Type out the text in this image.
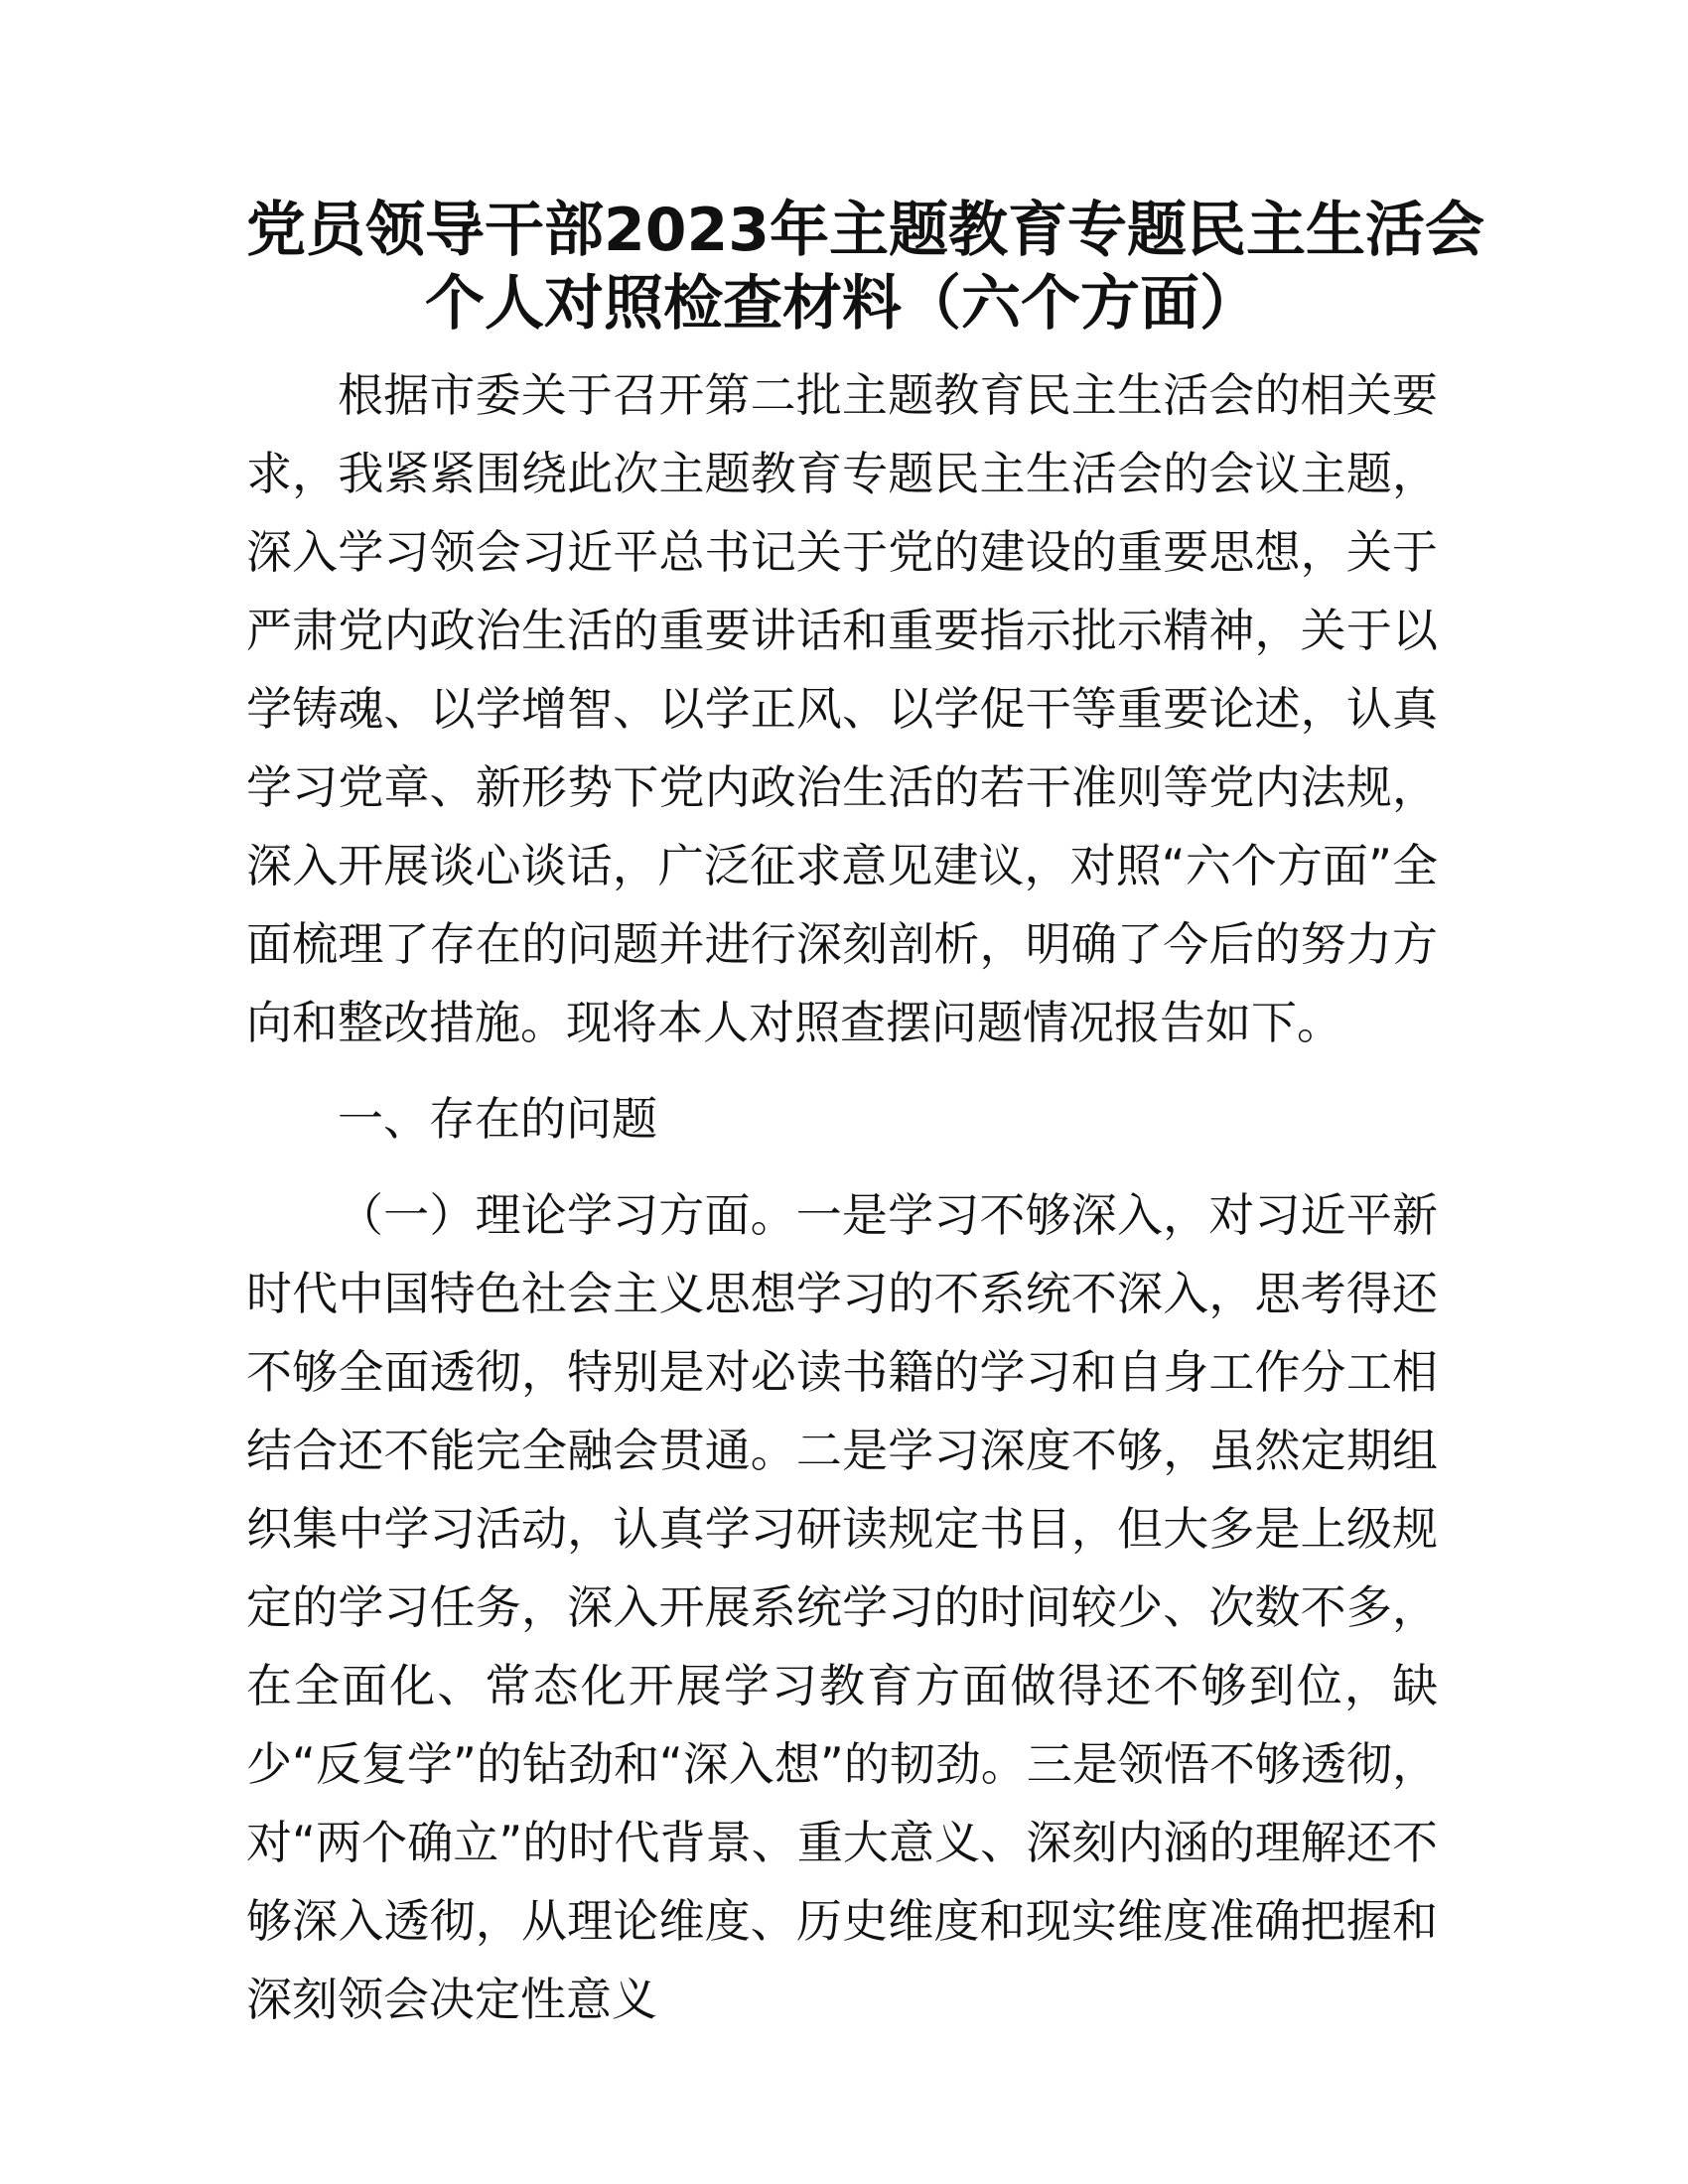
党员领导干部2023年主题教育专题民主生活会
个人对照检查材料（六个方面）

根据市委关于召开第二批主题教育民主生活会的相关要求，我紧紧围绕此次主题教育专题民主生活会的会议主题，深入学习领会习近平总书记关于党的建设的重要思想，关于严肃党内政治生活的重要讲话和重要指示批示精神，关于以学铸魂、以学增智、以学正风、以学促干等重要论述，认真学习党章、新形势下党内政治生活的若干准则等党内法规，深入开展谈心谈话，广泛征求意见建议，对照“六个方面”全面梳理了存在的问题并进行深刻剖析，明确了今后的努力方向和整改措施。现将本人对照查摆问题情况报告如下。

一、存在的问题

（一）理论学习方面。一是学习不够深入，对习近平新时代中国特色社会主义思想学习的不系统不深入，思考得还不够全面透彻，特别是对必读书籍的学习和自身工作分工相结合还不能完全融会贯通。二是学习深度不够，虽然定期组织集中学习活动，认真学习研读规定书目，但大多是上级规定的学习任务，深入开展系统学习的时间较少、次数不多，在全面化、常态化开展学习教育方面做得还不够到位，缺少“反复学”的钻劲和“深入想”的韧劲。三是领悟不够透彻，对“两个确立”的时代背景、重大意义、深刻内涵的理解还不够深入透彻，从理论维度、历史维度和现实维度准确把握和深刻领会决定性意义
